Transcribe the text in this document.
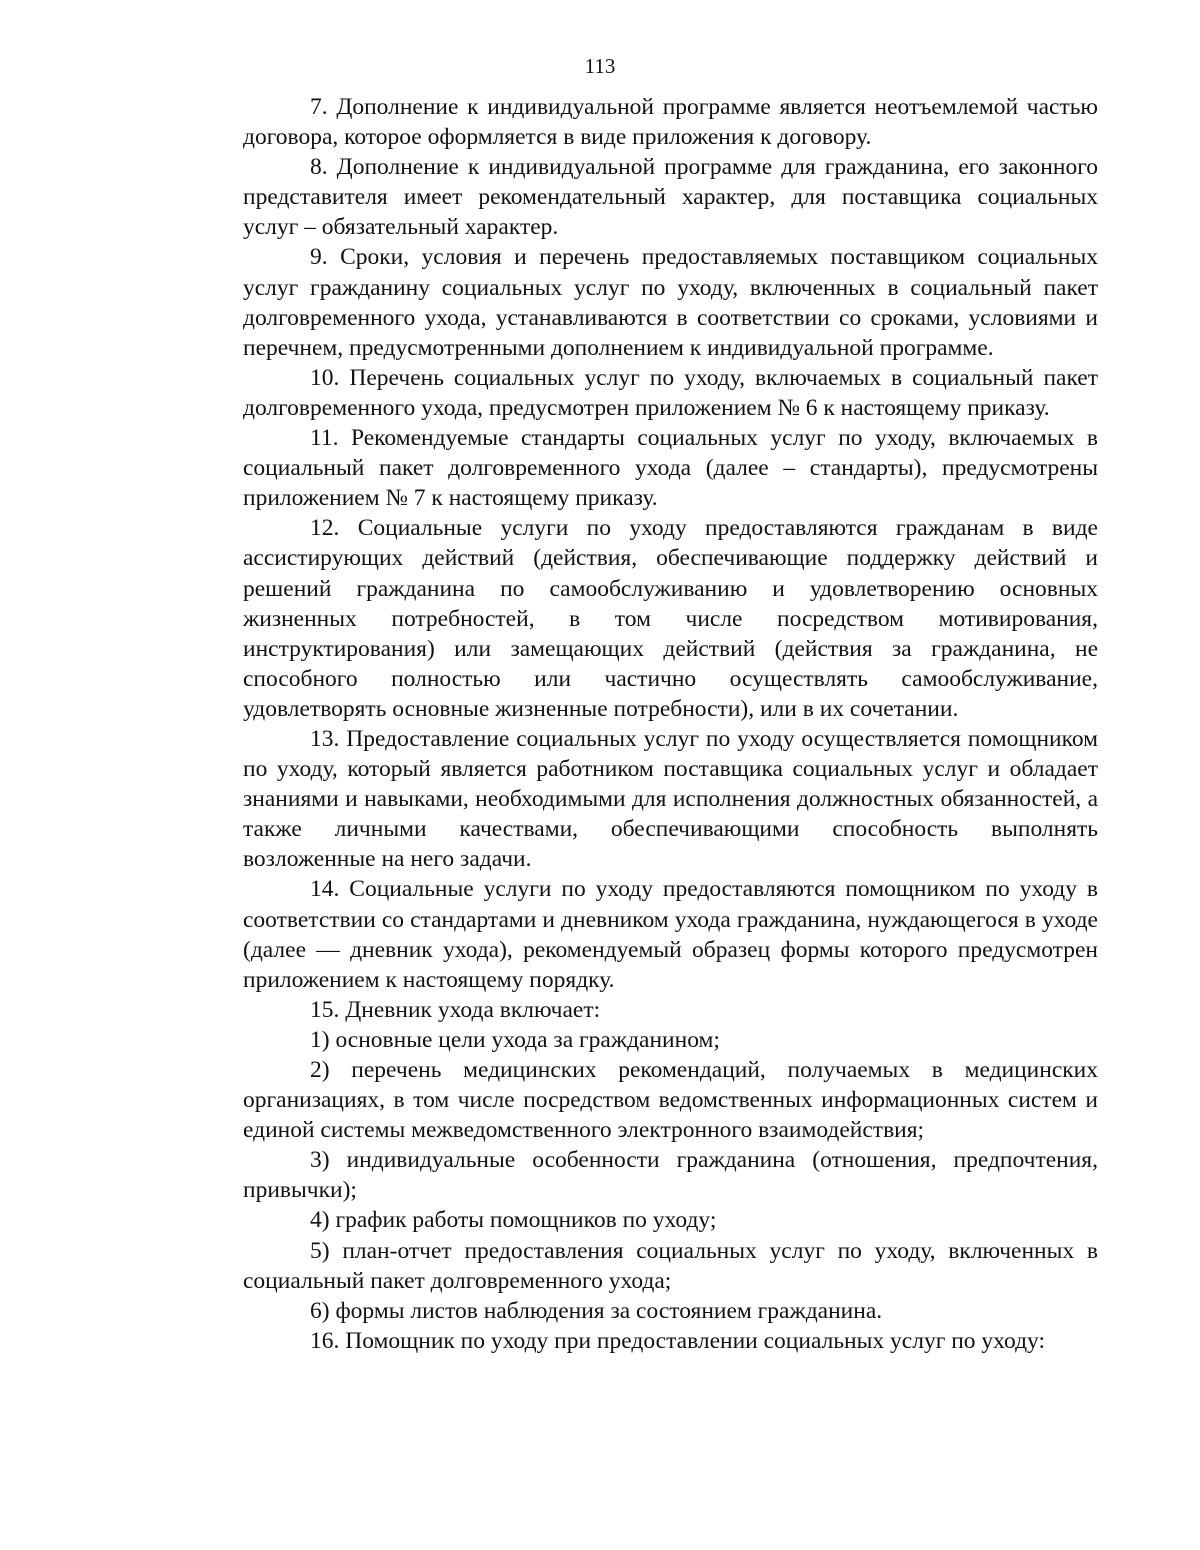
113

7. Дополнение к индивидуальной программе является неотъемлемой частью договора, которое оформляется в виде приложения к договору.

8. Дополнение к индивидуальной программе для гражданина, его законного представителя имеет рекомендательный характер, для поставщика социальных услуг – обязательный характер.

9. Сроки, условия и перечень предоставляемых поставщиком социальных услуг гражданину социальных услуг по уходу, включенных в социальный пакет долговременного ухода, устанавливаются в соответствии со сроками, условиями и перечнем, предусмотренными дополнением к индивидуальной программе.

10. Перечень социальных услуг по уходу, включаемых в социальный пакет долговременного ухода, предусмотрен приложением № 6 к настоящему приказу.

11. Рекомендуемые стандарты социальных услуг по уходу, включаемых в социальный пакет долговременного ухода (далее – стандарты), предусмотрены приложением № 7 к настоящему приказу.

12. Социальные услуги по уходу предоставляются гражданам в виде ассистирующих действий (действия, обеспечивающие поддержку действий и решений гражданина по самообслуживанию и удовлетворению основных жизненных потребностей, в том числе посредством мотивирования, инструктирования) или замещающих действий (действия за гражданина, не способного полностью или частично осуществлять самообслуживание, удовлетворять основные жизненные потребности), или в их сочетании.

13. Предоставление социальных услуг по уходу осуществляется помощником по уходу, который является работником поставщика социальных услуг и обладает знаниями и навыками, необходимыми для исполнения должностных обязанностей, а также личными качествами, обеспечивающими способность выполнять возложенные на него задачи.

14. Социальные услуги по уходу предоставляются помощником по уходу в соответствии со стандартами и дневником ухода гражданина, нуждающегося в уходе (далее — дневник ухода), рекомендуемый образец формы которого предусмотрен приложением к настоящему порядку.

15. Дневник ухода включает:

1) основные цели ухода за гражданином;

2) перечень медицинских рекомендаций, получаемых в медицинских организациях, в том числе посредством ведомственных информационных систем и единой системы межведомственного электронного взаимодействия;

3) индивидуальные особенности гражданина (отношения, предпочтения, привычки);

4) график работы помощников по уходу;

5) план-отчет предоставления социальных услуг по уходу, включенных в социальный пакет долговременного ухода;

6) формы листов наблюдения за состоянием гражданина.

16. Помощник по уходу при предоставлении социальных услуг по уходу:
